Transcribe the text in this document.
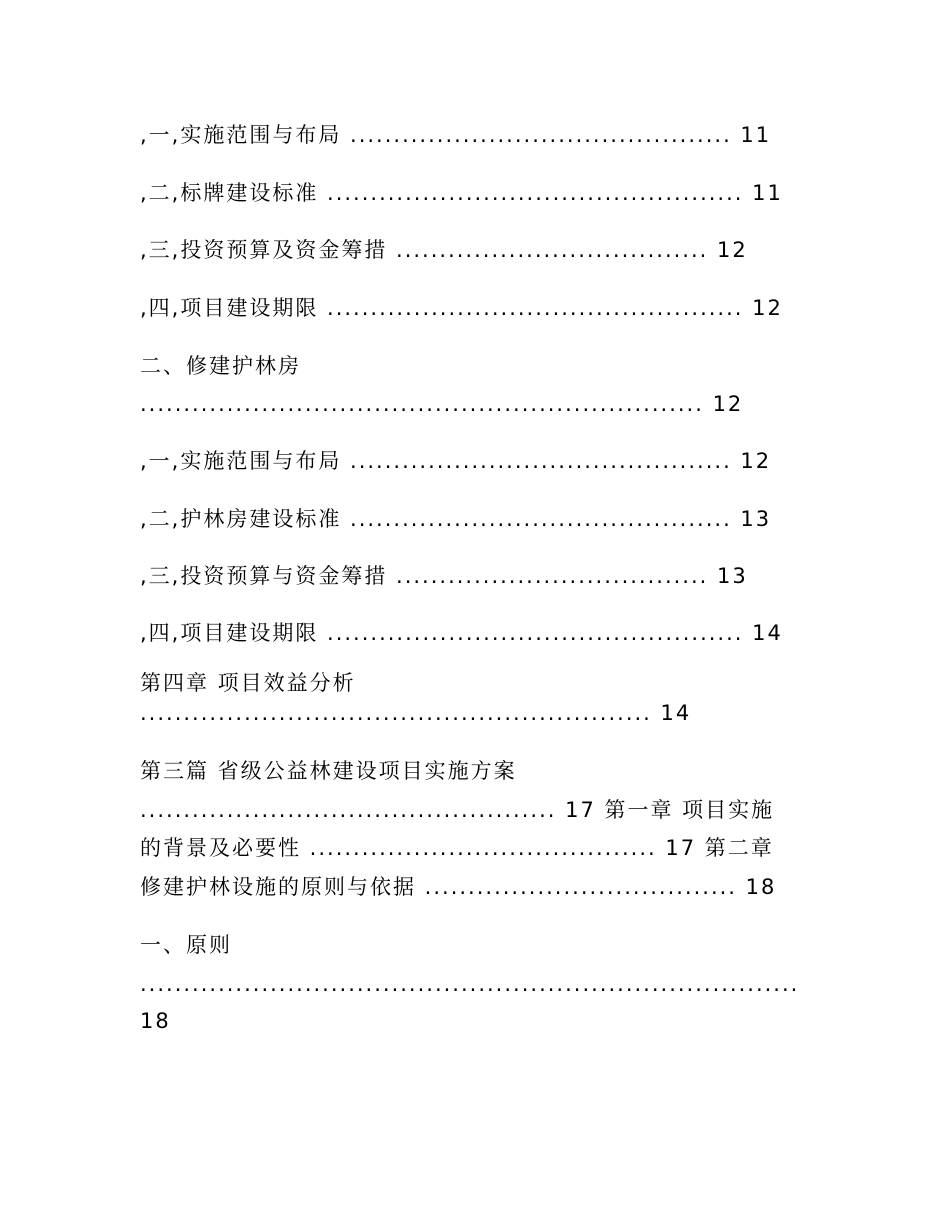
,一,实施范围与布局 ............................................ 11
,二,标牌建设标准 ................................................ 11
,三,投资预算及资金筹措 .................................... 12
,四,项目建设期限 ................................................ 12
二、修建护林房
................................................................. 12
,一,实施范围与布局 ............................................ 12
,二,护林房建设标准 ............................................ 13
,三,投资预算与资金筹措 .................................... 13
,四,项目建设期限 ................................................ 14
第四章 项目效益分析
........................................................... 14
第三篇 省级公益林建设项目实施方案
................................................ 17 第一章 项目实施
的背景及必要性 ........................................ 17 第二章
修建护林设施的原则与依据 .................................... 18
一、原则
............................................................................
18
